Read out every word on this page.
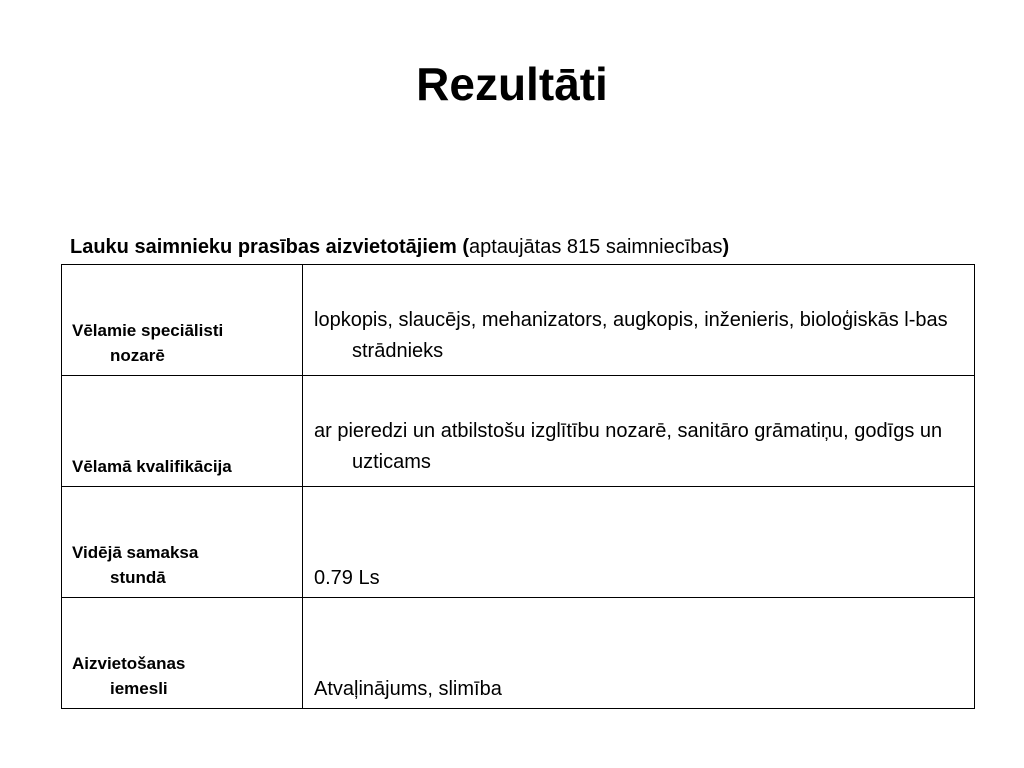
Rezultāti
Lauku saimnieku prasības aizvietotājiem (aptaujātas 815 saimniecības)
Vēlamie speciālisti
nozarē	lopkopis, slaucējs, mehanizators, augkopis, inženieris, bioloģiskās l-bas strādnieks

Vēlamā kvalifikācija	ar pieredzi un atbilstošu izglītību nozarē, sanitāro grāmatiņu, godīgs un uzticams

Vidējā samaksa
stundā	0.79 Ls

Aizvietošanas
iemesli	Atvaļinājums, slimība
